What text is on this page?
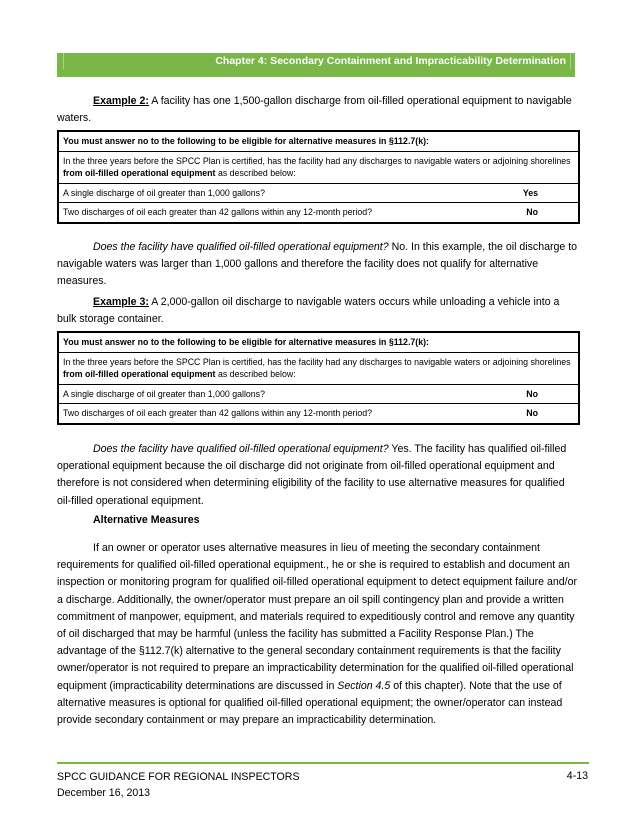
Chapter 4: Secondary Containment and Impracticability Determination

Example 2: A facility has one 1,500-gallon discharge from oil-filled operational equipment to navigable waters.

You must answer no to the following to be eligible for alternative measures in §112.7(k):
In the three years before the SPCC Plan is certified, has the facility had any discharges to navigable waters or adjoining shorelines from oil-filled operational equipment as described below:
A single discharge of oil greater than 1,000 gallons?	Yes
Two discharges of oil each greater than 42 gallons within any 12-month period?	No

Does the facility have qualified oil-filled operational equipment? No. In this example, the oil discharge to navigable waters was larger than 1,000 gallons and therefore the facility does not qualify for alternative measures.

Example 3: A 2,000-gallon oil discharge to navigable waters occurs while unloading a vehicle into a bulk storage container.

You must answer no to the following to be eligible for alternative measures in §112.7(k):
In the three years before the SPCC Plan is certified, has the facility had any discharges to navigable waters or adjoining shorelines from oil-filled operational equipment as described below:
A single discharge of oil greater than 1,000 gallons?	No
Two discharges of oil each greater than 42 gallons within any 12-month period?	No

Does the facility have qualified oil-filled operational equipment? Yes. The facility has qualified oil-filled operational equipment because the oil discharge did not originate from oil-filled operational equipment and therefore is not considered when determining eligibility of the facility to use alternative measures for qualified oil-filled operational equipment.

Alternative Measures

If an owner or operator uses alternative measures in lieu of meeting the secondary containment requirements for qualified oil-filled operational equipment., he or she is required to establish and document an inspection or monitoring program for qualified oil-filled operational equipment to detect equipment failure and/or a discharge. Additionally, the owner/operator must prepare an oil spill contingency plan and provide a written commitment of manpower, equipment, and materials required to expeditiously control and remove any quantity of oil discharged that may be harmful (unless the facility has submitted a Facility Response Plan.) The advantage of the §112.7(k) alternative to the general secondary containment requirements is that the facility owner/operator is not required to prepare an impracticability determination for the qualified oil-filled operational equipment (impracticability determinations are discussed in Section 4.5 of this chapter). Note that the use of alternative measures is optional for qualified oil-filled operational equipment; the owner/operator can instead provide secondary containment or may prepare an impracticability determination.

SPCC GUIDANCE FOR REGIONAL INSPECTORS
December 16, 2013
4-13
